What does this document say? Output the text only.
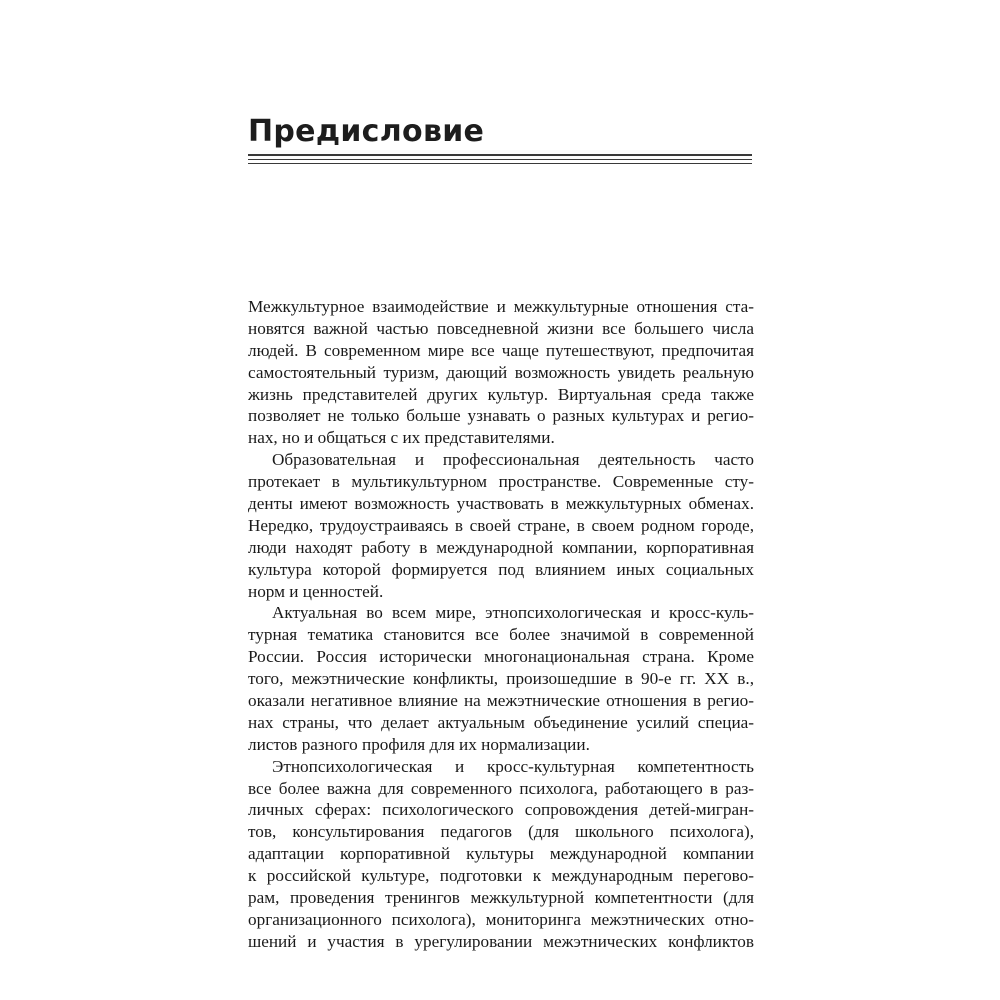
Предисловие
Межкультурное взаимодействие и межкультурные отношения ста-
новятся важной частью повседневной жизни все большего числа
людей. В современном мире все чаще путешествуют, предпочитая
самостоятельный туризм, дающий возможность увидеть реальную
жизнь представителей других культур. Виртуальная среда также
позволяет не только больше узнавать о разных культурах и регио-
нах, но и общаться с их представителями.
Образовательная и профессиональная деятельность часто
протекает в мультикультурном пространстве. Современные сту-
денты имеют возможность участвовать в межкультурных обменах.
Нередко, трудоустраиваясь в своей стране, в своем родном городе,
люди находят работу в международной компании, корпоративная
культура которой формируется под влиянием иных социальных
норм и ценностей.
Актуальная во всем мире, этнопсихологическая и кросс-куль-
турная тематика становится все более значимой в современной
России. Россия исторически многонациональная страна. Кроме
того, межэтнические конфликты, произошедшие в 90-е гг. XX в.,
оказали негативное влияние на межэтнические отношения в регио-
нах страны, что делает актуальным объединение усилий специа-
листов разного профиля для их нормализации.
Этнопсихологическая и кросс-культурная компетентность
все более важна для современного психолога, работающего в раз-
личных сферах: психологического сопровождения детей-мигран-
тов, консультирования педагогов (для школьного психолога),
адаптации корпоративной культуры международной компании
к российской культуре, подготовки к международным перегово-
рам, проведения тренингов межкультурной компетентности (для
организационного психолога), мониторинга межэтнических отно-
шений и участия в урегулировании межэтнических конфликтов
